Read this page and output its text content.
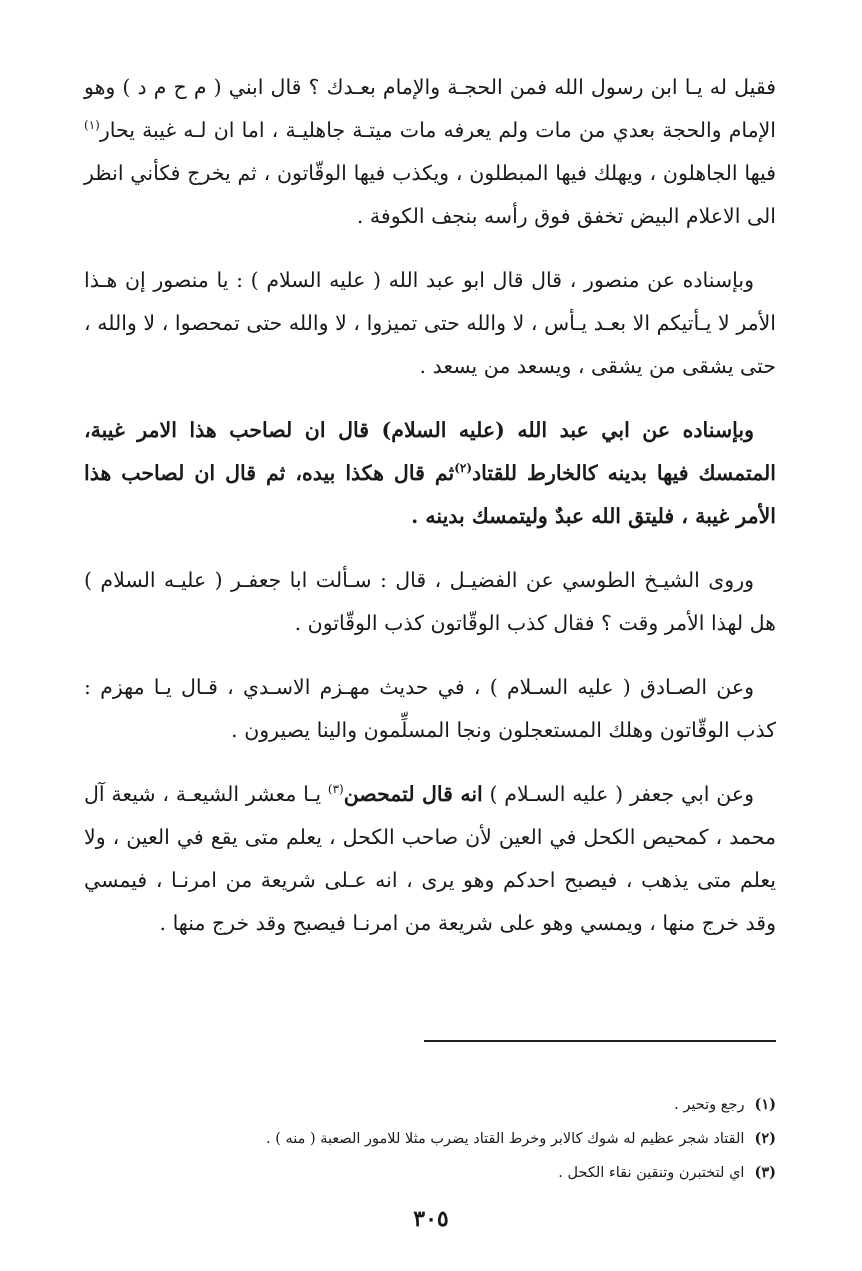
فقيل له يـا ابن رسول الله فمن الحجـة والإمام بعـدك ؟ قال ابني ( م ح م د ) وهو الإمام والحجة بعدي من مات ولم يعرفه مات ميتـة جاهليـة ، اما ان لـه غيبة يحار$^{(١)}$ فيها الجاهلون ، ويهلك فيها المبطلون ، ويكذب فيها الوقّاتون ، ثم يخرج فكأني انظر الى الاعلام البيض تخفق فوق رأسه بنجف الكوفة .

وبإسناده عن منصور ، قال قال ابو عبد الله ( عليه السلام ) : يا منصور إن هـذا الأمر لا يـأتيكم الا بعـد يـأس ، لا والله حتى تميزوا ، لا والله حتى تمحصوا ، لا والله ، حتى يشقى من يشقى ، ويسعد من يسعد .

وبإسناده عن ابي عبد الله (عليه السلام) قال ان لصاحب هذا الامر غيبة، المتمسك فيها بدينه كالخارط للقتاد$^{(٢)}$ثم قال هكذا بيده، ثم قال ان لصاحب هذا الأمر غيبة ، فليتق الله عبدٌ وليتمسك بدينه .

وروى الشيـخ الطوسي عن الفضيـل ، قال : سـألت ابا جعفـر ( عليـه السلام ) هل لهذا الأمر وقت ؟ فقال كذب الوقّاتون كذب الوقّاتون .

وعن الصـادق ( عليه السـلام ) ، في حديث مهـزم الاسـدي ، قـال يـا مهزم : كذب الوقّاتون وهلك المستعجلون ونجا المسلِّمون والينا يصيرون .

وعن ابي جعفر ( عليه السـلام ) انه قال لتمحصن$^{(٣)}$ يـا معشر الشيعـة ، شيعة آل محمد ، كمحيص الكحل في العين لأن صاحب الكحل ، يعلم متى يقع في العين ، ولا يعلم متى يذهب ، فيصبح احدكم وهو يرى ، انه عـلى شريعة من امرنـا ، فيمسي وقد خرج منها ، ويمسي وهو على شريعة من امرنـا فيصبح وقد خرج منها .

(١)رجع وتحير .

(٢)القتاد شجر عظيم له شوك كالابر وخرط القتاد يضرب مثلا للامور الصعبة ( منه ) .

(٣)اي لتختبرن وتنقين نقاء الكحل .

٣٠٥
